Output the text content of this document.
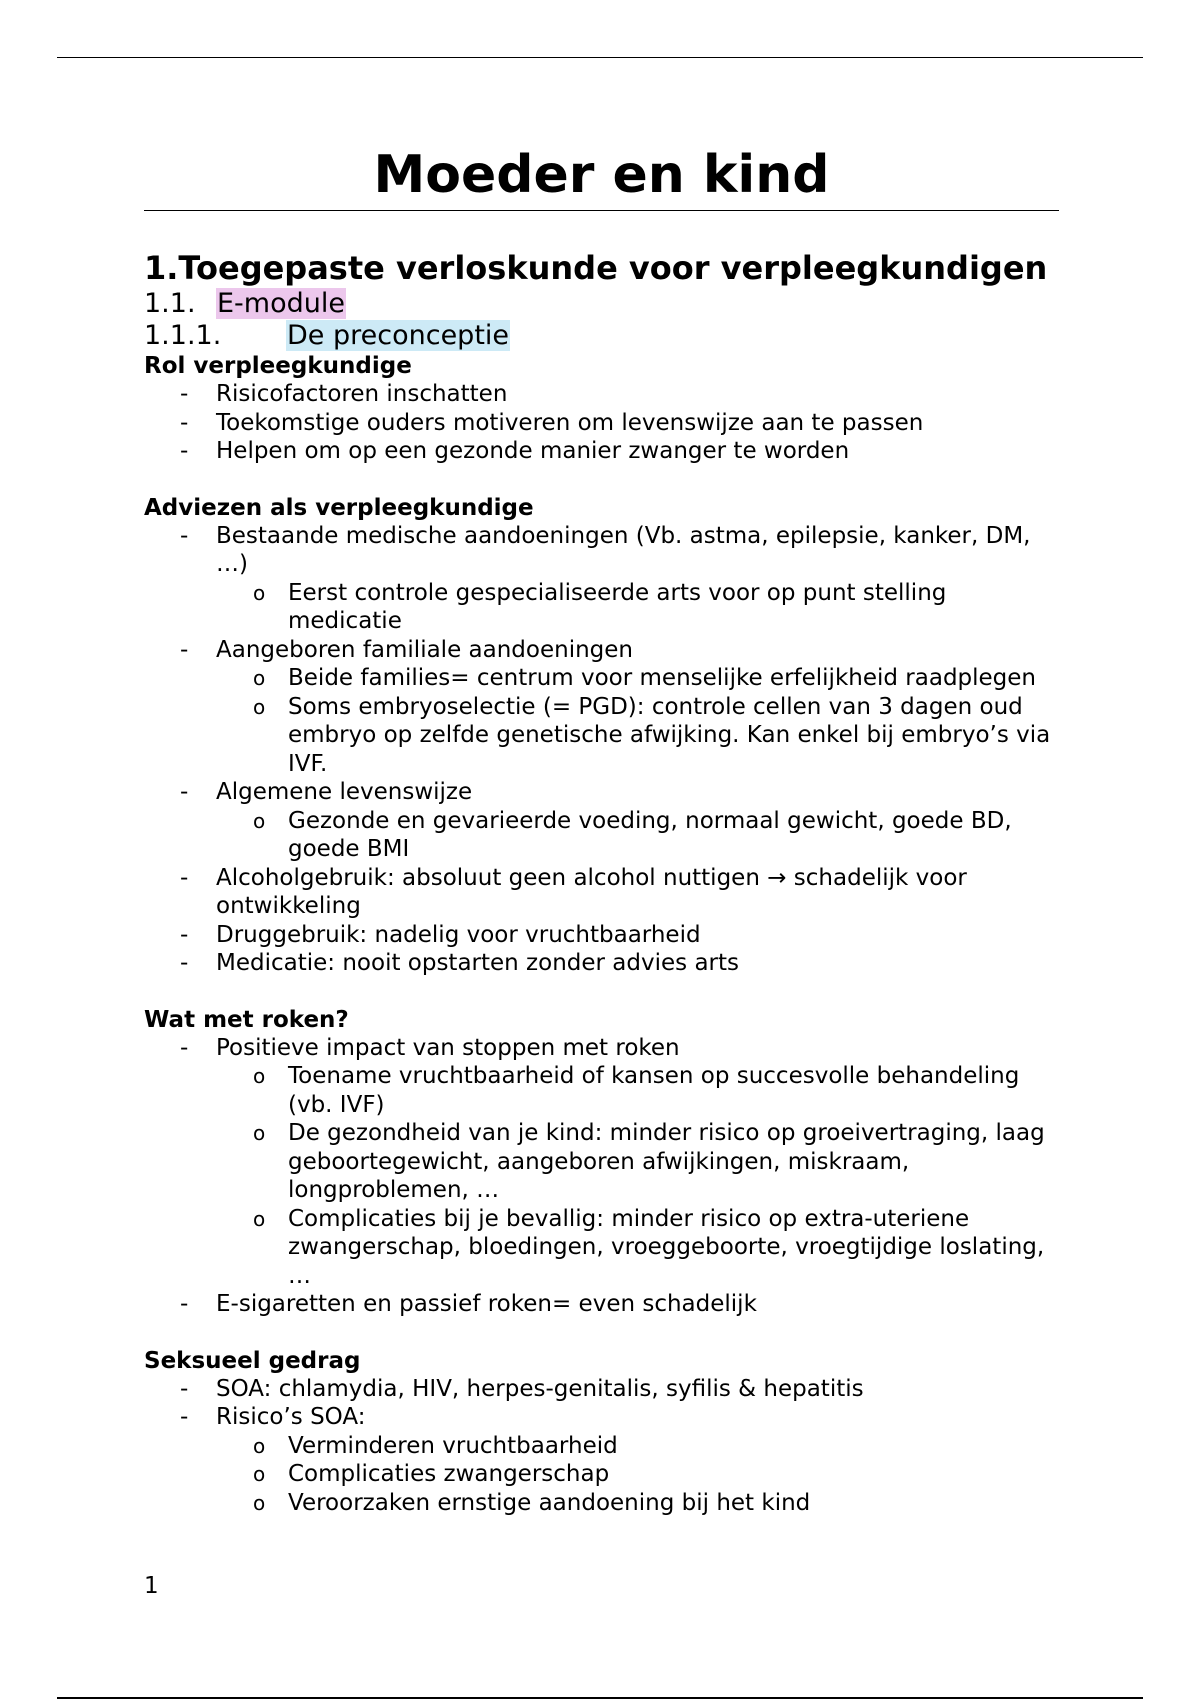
Moeder en kind
1.Toegepaste verloskunde voor verpleegkundigen
1.1. E-module
1.1.1. De preconceptie
Rol verpleegkundige
- Risicofactoren inschatten
- Toekomstige ouders motiveren om levenswijze aan te passen
- Helpen om op een gezonde manier zwanger te worden
Adviezen als verpleegkundige
- Bestaande medische aandoeningen (Vb. astma, epilepsie, kanker, DM, …)
o Eerst controle gespecialiseerde arts voor op punt stelling medicatie
- Aangeboren familiale aandoeningen
o Beide families= centrum voor menselijke erfelijkheid raadplegen
o Soms embryoselectie (= PGD): controle cellen van 3 dagen oud embryo op zelfde genetische afwijking. Kan enkel bij embryo’s via IVF.
- Algemene levenswijze
o Gezonde en gevarieerde voeding, normaal gewicht, goede BD, goede BMI
- Alcoholgebruik: absoluut geen alcohol nuttigen → schadelijk voor ontwikkeling
- Druggebruik: nadelig voor vruchtbaarheid
- Medicatie: nooit opstarten zonder advies arts
Wat met roken?
- Positieve impact van stoppen met roken
o Toename vruchtbaarheid of kansen op succesvolle behandeling (vb. IVF)
o De gezondheid van je kind: minder risico op groeivertraging, laag geboortegewicht, aangeboren afwijkingen, miskraam, longproblemen, …
o Complicaties bij je bevallig: minder risico op extra-uteriene zwangerschap, bloedingen, vroeggeboorte, vroegtijdige loslating, …
- E-sigaretten en passief roken= even schadelijk
Seksueel gedrag
- SOA: chlamydia, HIV, herpes-genitalis, syfilis & hepatitis
- Risico’s SOA:
o Verminderen vruchtbaarheid
o Complicaties zwangerschap
o Veroorzaken ernstige aandoening bij het kind
1
